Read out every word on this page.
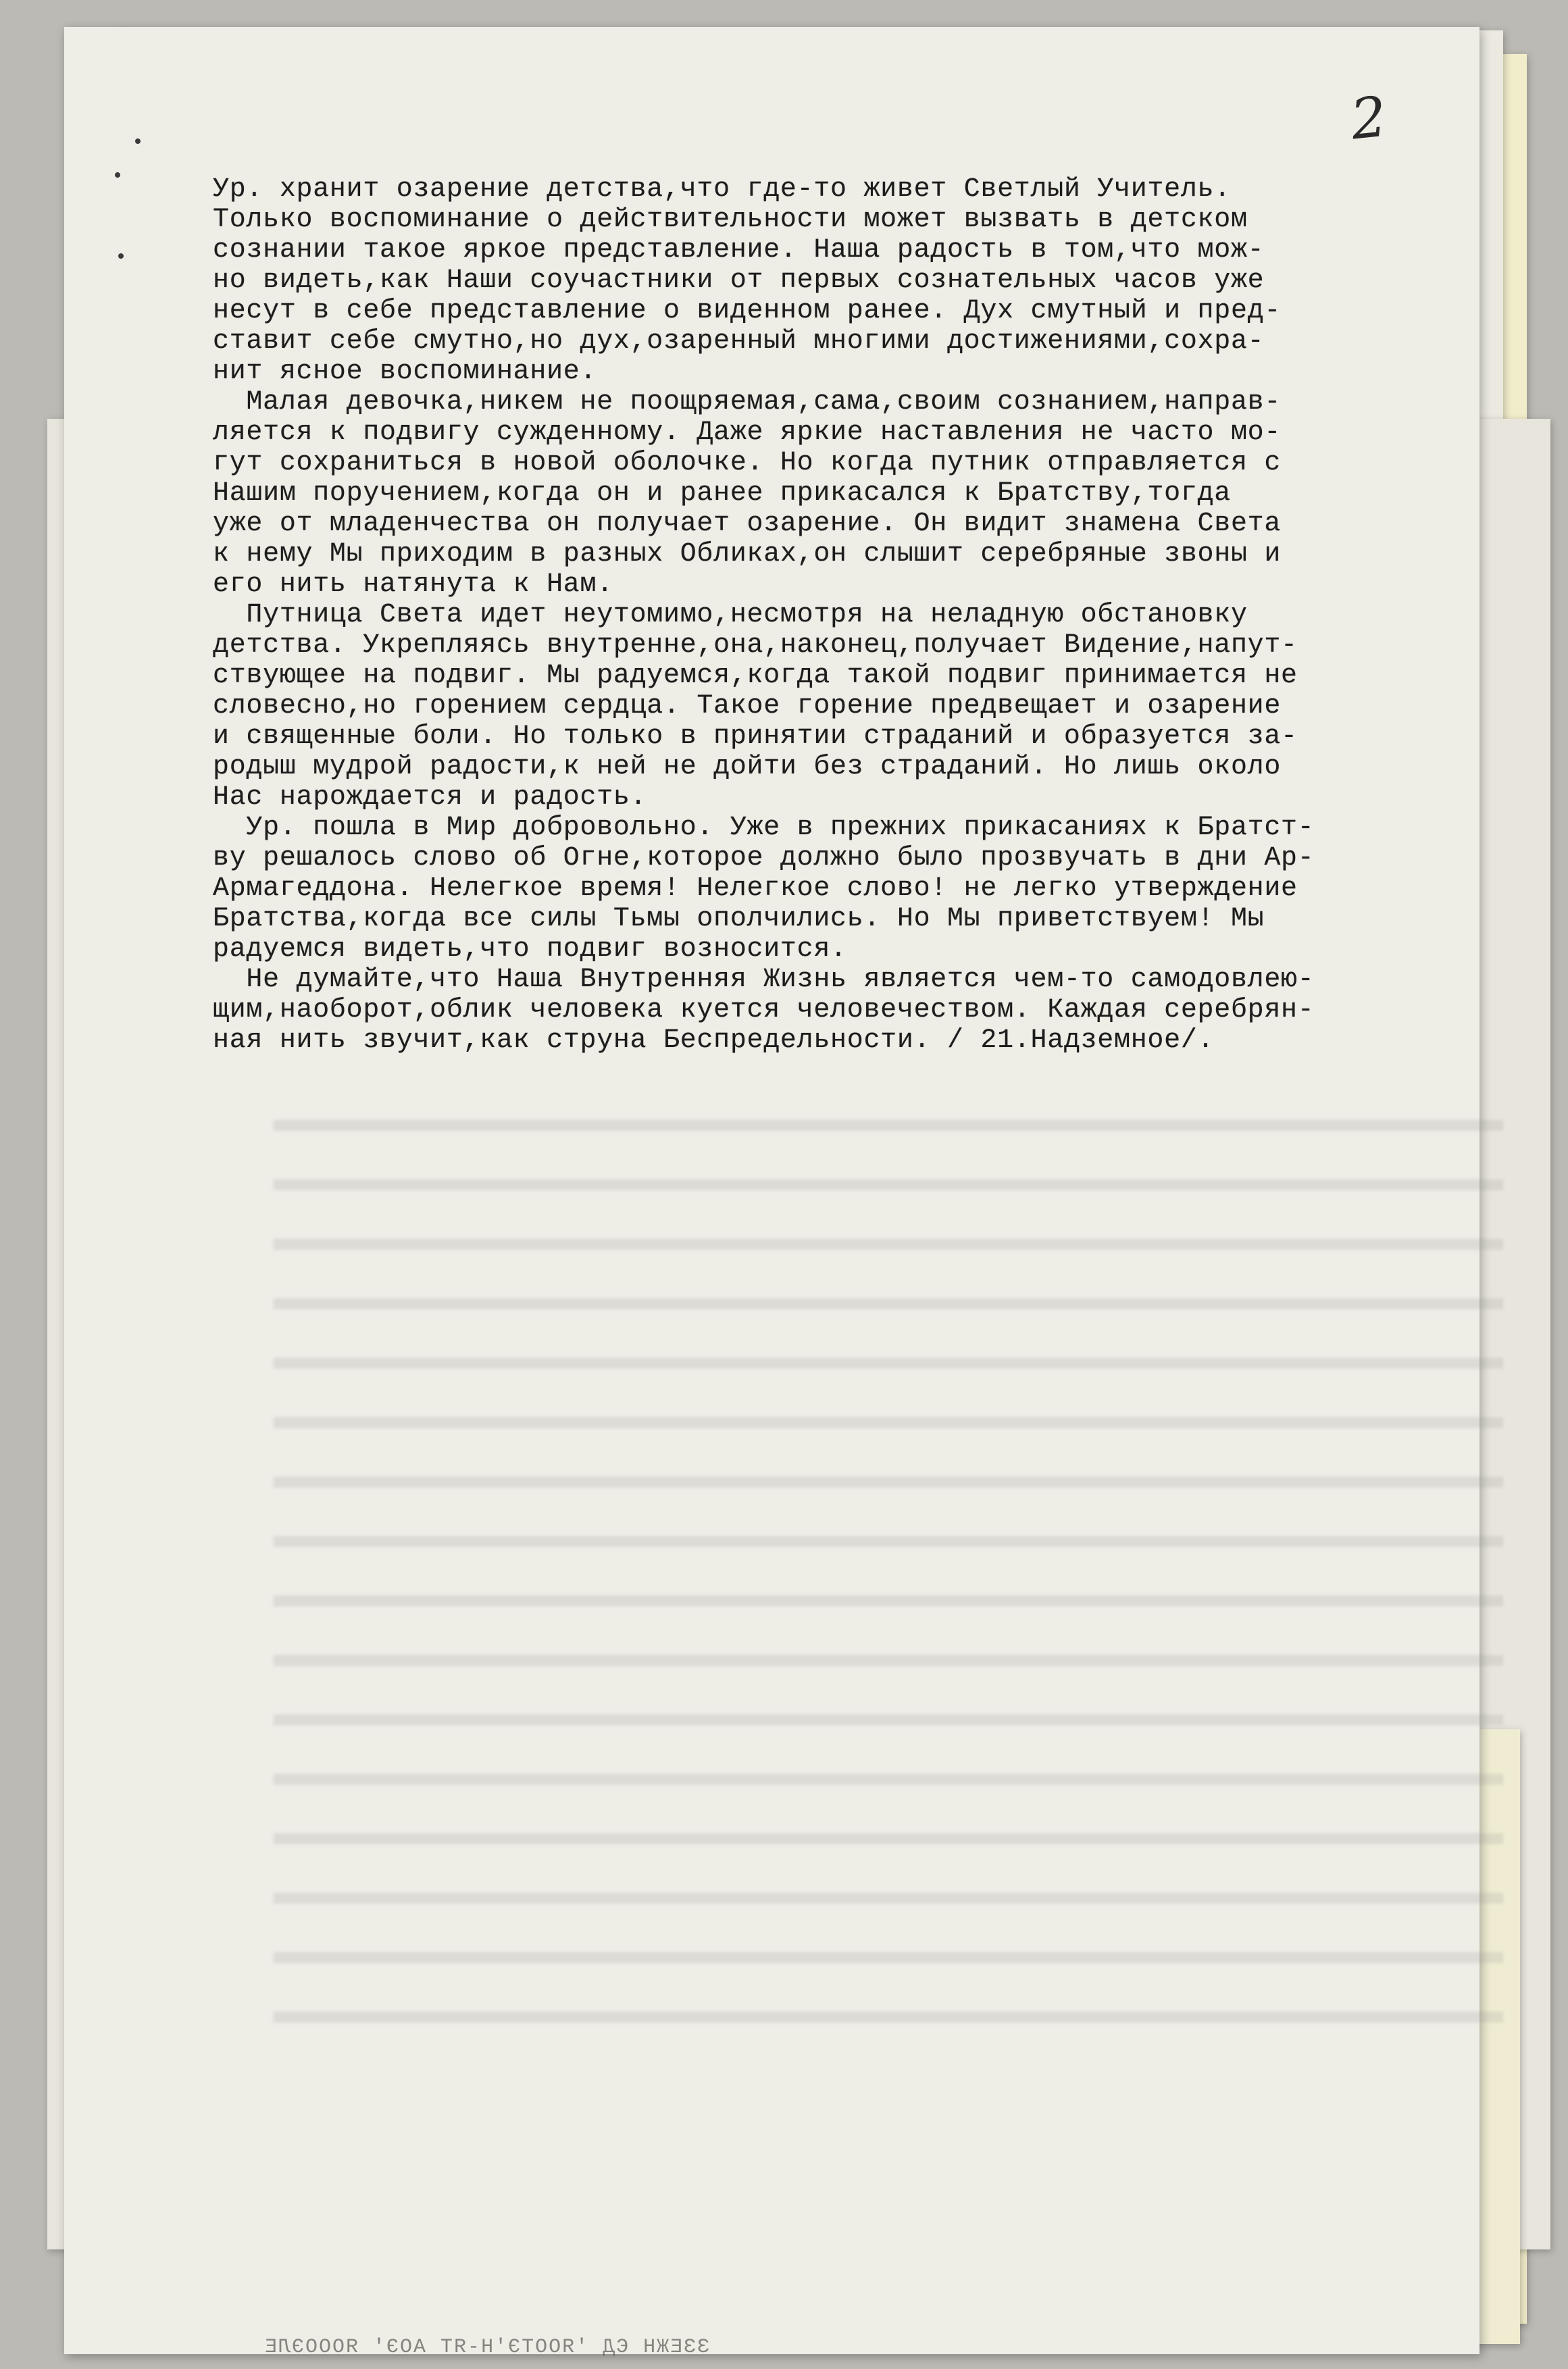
2
Ур. хранит озарение детства,что где-то живет Светлый Учитель.
Только воспоминание о действительности может вызвать в детском
сознании такое яркое представление. Наша радость в том,что мож-
но видеть,как Наши соучастники от первых сознательных часов уже
несут в себе представление о виденном ранее. Дух смутный и пред-
ставит себе смутно,но дух,озаренный многими достижениями,сохра-
нит ясное воспоминание.
Малая девочка,никем не поощряемая,сама,своим сознанием,направ-
ляется к подвигу сужденному. Даже яркие наставления не часто мо-
гут сохраниться в новой оболочке. Но когда путник отправляется с
Нашим поручением,когда он и ранее прикасался к Братству,тогда
уже от младенчества он получает озарение. Он видит знамена Света
к нему Мы приходим в разных Обликах,он слышит серебряные звоны и
его нить натянута к Нам.
Путница Света идет неутомимо,несмотря на неладную обстановку
детства. Укрепляясь внутренне,она,наконец,получает Видение,напут-
ствующее на подвиг. Мы радуемся,когда такой подвиг принимается не
словесно,но горением сердца. Такое горение предвещает и озарение
и священные боли. Но только в принятии страданий и образуется за-
родыш мудрой радости,к ней не дойти без страданий. Но лишь около
Нас нарождается и радость.
Ур. пошла в Мир добровольно. Уже в прежних прикасаниях к Братст-
ву решалось слово об Огне,которое должно было прозвучать в дни Ар-
Армагеддона. Нелегкое время! Нелегкое слово! не легко утверждение
Братства,когда все силы Тьмы ополчились. Но Мы приветствуем! Мы
радуемся видеть,что подвиг возносится.
Не думайте,что Наша Внутренняя Жизнь является чем-то самодовлею-
щим,наоборот,облик человека куется человечеством. Каждая серебрян-
ная нить звучит,как струна Беспредельности. / 21.Надземное/.
ЗЗЕЖН ЄД 'ЯООТЭ'Н-ЯТ АОЭ' ЯОООЭЛЕ
